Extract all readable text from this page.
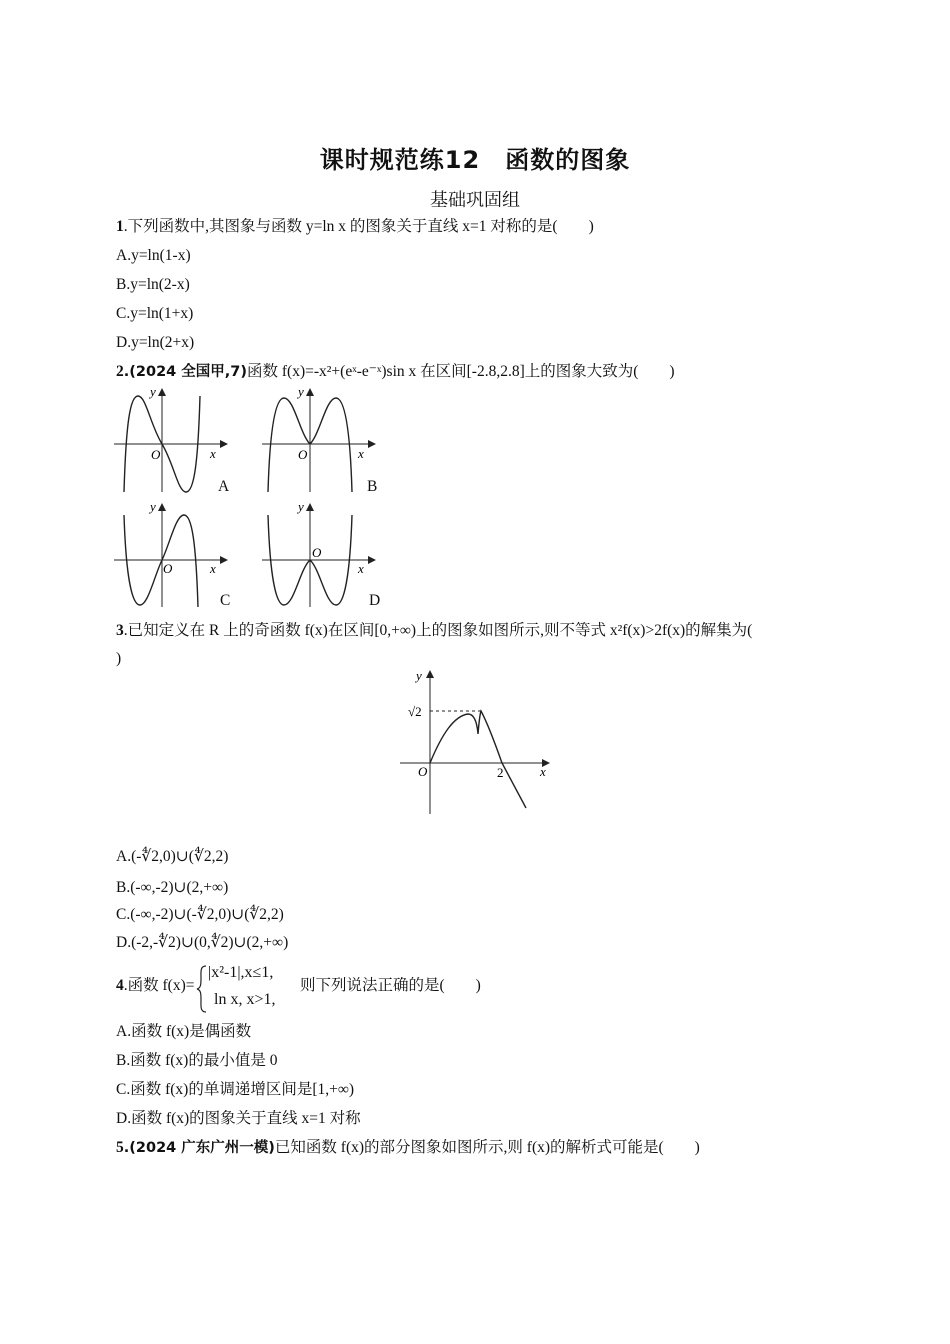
课时规范练12　函数的图象
基础巩固组
1.下列函数中,其图象与函数 y=ln x 的图象关于直线 x=1 对称的是(　　)
A.y=ln(1-x)
B.y=ln(2-x)
C.y=ln(1+x)
D.y=ln(2+x)
2.(2024 全国甲,7)函数 f(x)=-x²+(eˣ-e⁻ˣ)sin x 在区间[-2.8,2.8]上的图象大致为(　　)
O
y
x
A
O
y
x
B
O
y
x
C
O
y
x
D
3.已知定义在 R 上的奇函数 f(x)在区间[0,+∞)上的图象如图所示,则不等式 x²f(x)>2f(x)的解集为(
)
√2
O	2
y
x
A.(-∜2,0)∪(∜2,2)
B.(-∞,-2)∪(2,+∞)
C.(-∞,-2)∪(-∜2,0)∪(∜2,2)
D.(-2,-∜2)∪(0,∜2)∪(2,+∞)
4.函数 f(x)=
|x²-1|,x≤1,
ln x, x>1,
则下列说法正确的是(　　)
A.函数 f(x)是偶函数
B.函数 f(x)的最小值是 0
C.函数 f(x)的单调递增区间是[1,+∞)
D.函数 f(x)的图象关于直线 x=1 对称
5.(2024 广东广州一模)已知函数 f(x)的部分图象如图所示,则 f(x)的解析式可能是(　　)
